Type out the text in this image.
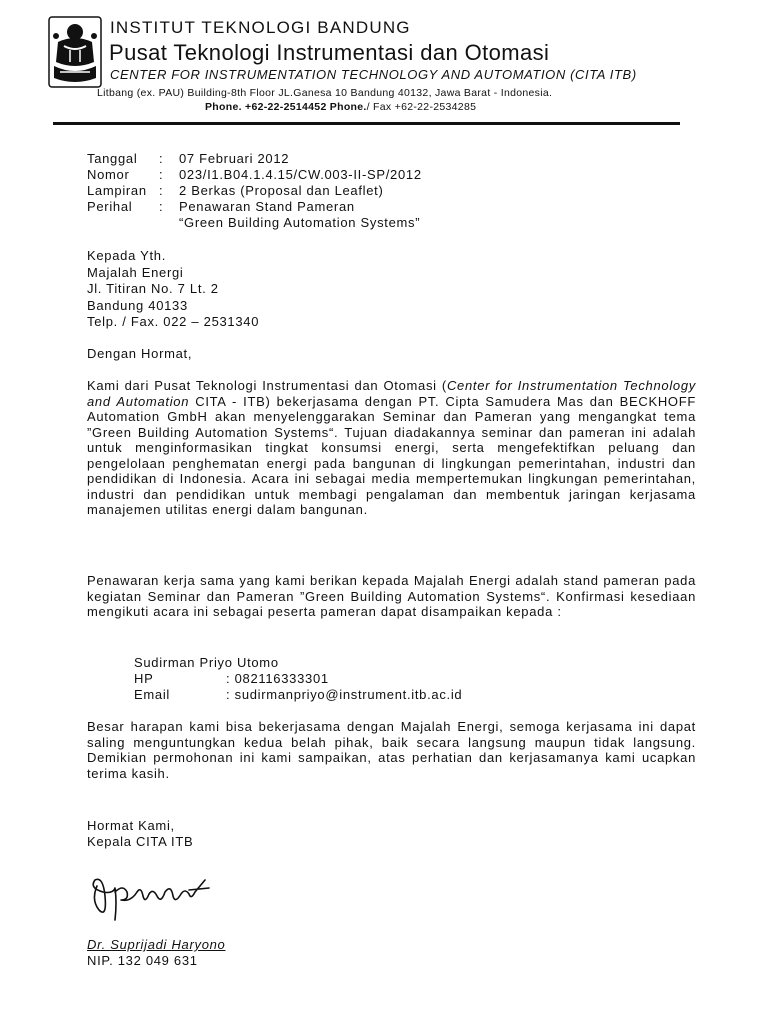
INSTITUT TEKNOLOGI BANDUNG
Pusat Teknologi Instrumentasi dan Otomasi
CENTER FOR INSTRUMENTATION TECHNOLOGY AND AUTOMATION (CITA ITB)
Litbang (ex. PAU) Building-8th Floor JL.Ganesa 10 Bandung 40132, Jawa Barat - Indonesia.
Phone. +62-22-2514452 Phone./ Fax +62-22-2534285
Tanggal	:	07 Februari 2012
Nomor	:	023/I1.B04.1.4.15/CW.003-II-SP/2012
Lampiran :	2 Berkas (Proposal dan Leaflet)
Perihal	:	Penawaran Stand Pameran
“Green Building Automation Systems”
Kepada Yth.
Majalah Energi
Jl. Titiran No. 7 Lt. 2
Bandung 40133
Telp. / Fax. 022 – 2531340
Dengan Hormat,
Kami dari Pusat Teknologi Instrumentasi dan Otomasi (Center for Instrumentation Technology and Automation CITA - ITB) bekerjasama dengan PT. Cipta Samudera Mas dan BECKHOFF Automation GmbH akan menyelenggarakan Seminar dan Pameran yang mengangkat tema ”Green Building Automation Systems“. Tujuan diadakannya seminar dan pameran ini adalah untuk menginformasikan tingkat konsumsi energi, serta mengefektifkan peluang dan pengelolaan penghematan energi pada bangunan di lingkungan pemerintahan, industri dan pendidikan di Indonesia. Acara ini sebagai media mempertemukan lingkungan pemerintahan, industri dan pendidikan untuk membagi pengalaman dan membentuk jaringan kerjasama manajemen utilitas energi dalam bangunan.
Penawaran kerja sama yang kami berikan kepada Majalah Energi adalah stand pameran pada kegiatan Seminar dan Pameran ”Green Building Automation Systems“. Konfirmasi kesediaan mengikuti acara ini sebagai peserta pameran dapat disampaikan kepada :
Sudirman Priyo Utomo
HP	: 082116333301
Email	: sudirmanpriyo@instrument.itb.ac.id
Besar harapan kami bisa bekerjasama dengan Majalah Energi, semoga kerjasama ini dapat saling menguntungkan kedua belah pihak, baik secara langsung maupun tidak langsung. Demikian permohonan ini kami sampaikan, atas perhatian dan kerjasamanya kami ucapkan terima kasih.
Hormat Kami,
Kepala CITA ITB
Dr. Suprijadi Haryono
NIP. 132 049 631
